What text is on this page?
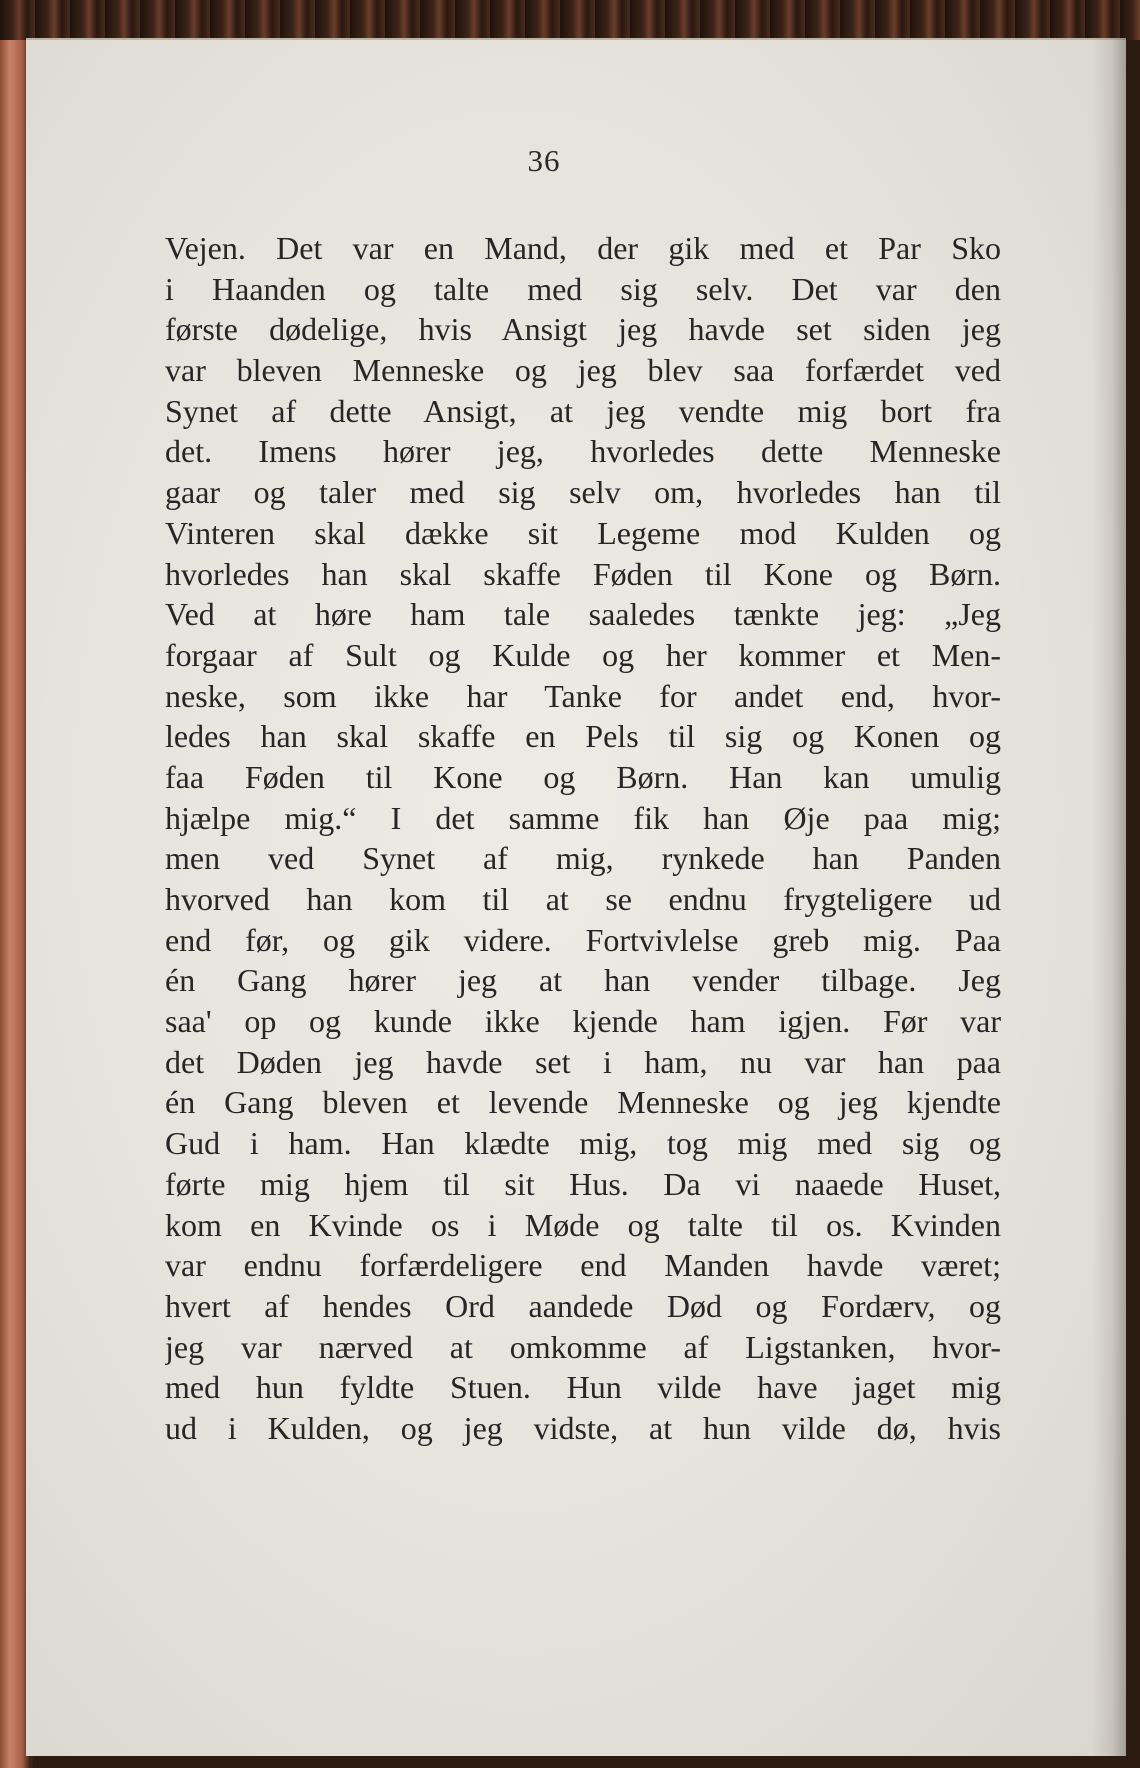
36
Vejen. Det var en Mand, der gik med et Par Sko
i Haanden og talte med sig selv. Det var den
første dødelige, hvis Ansigt jeg havde set siden jeg
var bleven Menneske og jeg blev saa forfærdet ved
Synet af dette Ansigt, at jeg vendte mig bort fra
det. Imens hører jeg, hvorledes dette Menneske
gaar og taler med sig selv om, hvorledes han til
Vinteren skal dække sit Legeme mod Kulden og
hvorledes han skal skaffe Føden til Kone og Børn.
Ved at høre ham tale saaledes tænkte jeg: „Jeg
forgaar af Sult og Kulde og her kommer et Men-
neske, som ikke har Tanke for andet end, hvor-
ledes han skal skaffe en Pels til sig og Konen og
faa Føden til Kone og Børn. Han kan umulig
hjælpe mig.“ I det samme fik han Øje paa mig;
men ved Synet af mig, rynkede han Panden
hvorved han kom til at se endnu frygteligere ud
end før, og gik videre. Fortvivlelse greb mig. Paa
én Gang hører jeg at han vender tilbage. Jeg
saa' op og kunde ikke kjende ham igjen. Før var
det Døden jeg havde set i ham, nu var han paa
én Gang bleven et levende Menneske og jeg kjendte
Gud i ham. Han klædte mig, tog mig med sig og
førte mig hjem til sit Hus. Da vi naaede Huset,
kom en Kvinde os i Møde og talte til os. Kvinden
var endnu forfærdeligere end Manden havde været;
hvert af hendes Ord aandede Død og Fordærv, og
jeg var nærved at omkomme af Ligstanken, hvor-
med hun fyldte Stuen. Hun vilde have jaget mig
ud i Kulden, og jeg vidste, at hun vilde dø, hvis
